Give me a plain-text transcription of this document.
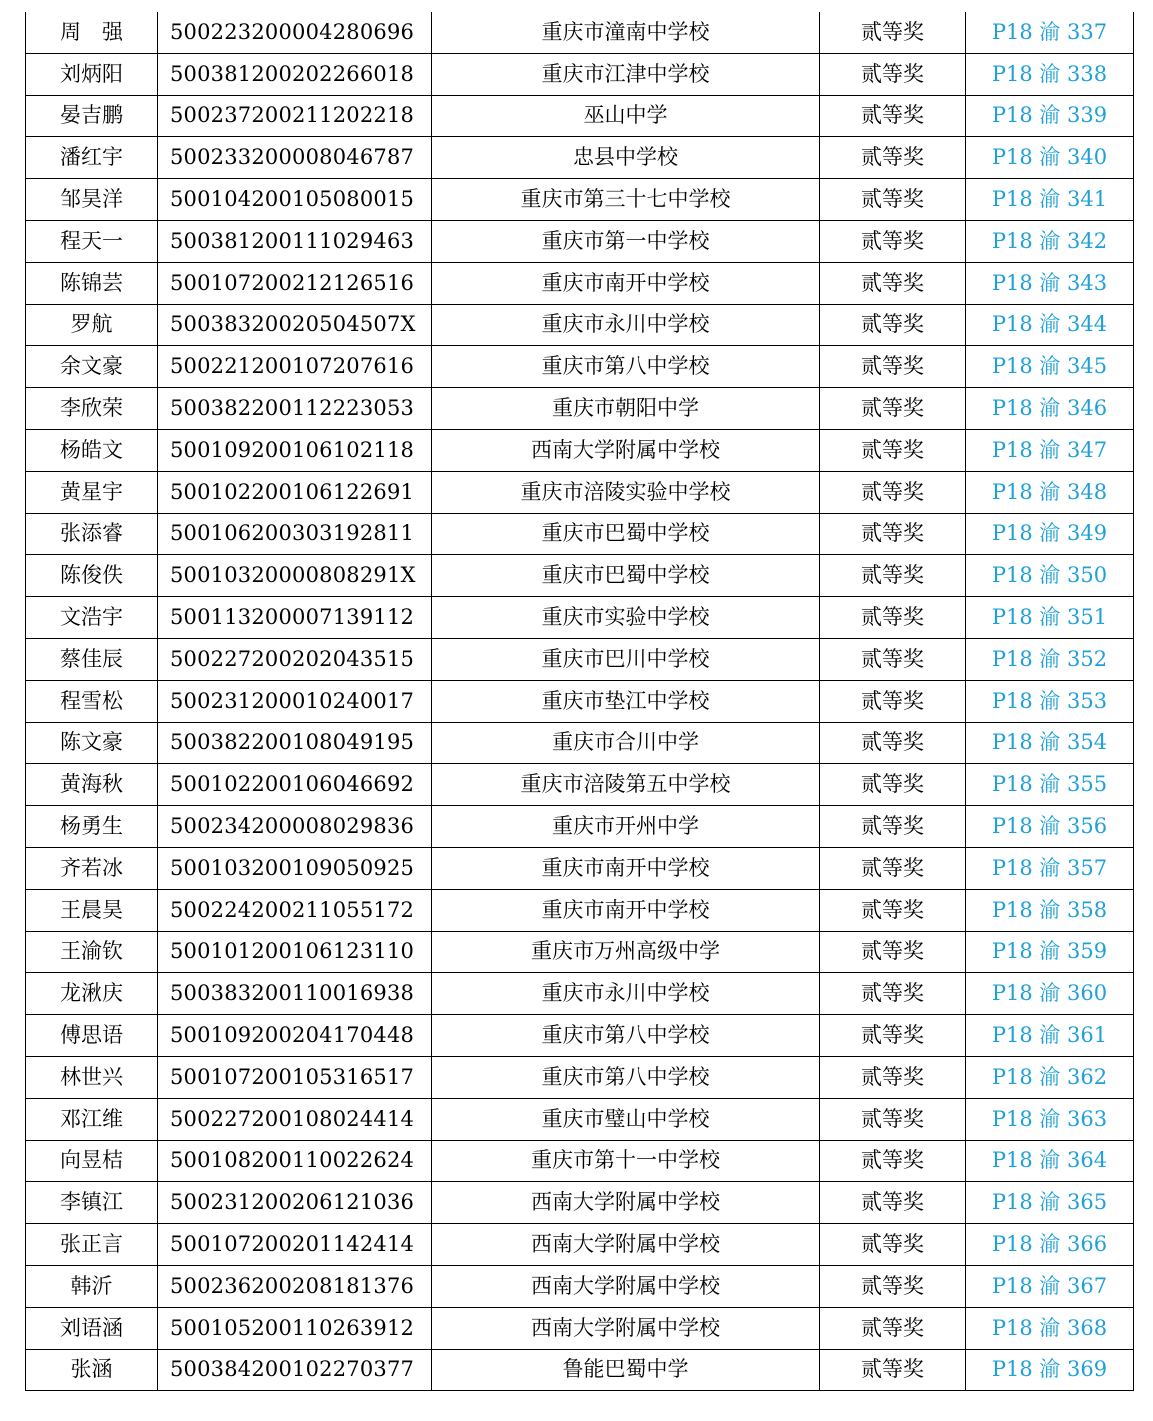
周　强	500223200004280696	重庆市潼南中学校	贰等奖	P18 渝 337
刘炳阳	500381200202266018	重庆市江津中学校	贰等奖	P18 渝 338
晏吉鹏	500237200211202218	巫山中学	贰等奖	P18 渝 339
潘红宇	500233200008046787	忠县中学校	贰等奖	P18 渝 340
邹昊洋	500104200105080015	重庆市第三十七中学校	贰等奖	P18 渝 341
程天一	500381200111029463	重庆市第一中学校	贰等奖	P18 渝 342
陈锦芸	500107200212126516	重庆市南开中学校	贰等奖	P18 渝 343
罗航	50038320020504507X	重庆市永川中学校	贰等奖	P18 渝 344
余文豪	500221200107207616	重庆市第八中学校	贰等奖	P18 渝 345
李欣荣	500382200112223053	重庆市朝阳中学	贰等奖	P18 渝 346
杨皓文	500109200106102118	西南大学附属中学校	贰等奖	P18 渝 347
黄星宇	500102200106122691	重庆市涪陵实验中学校	贰等奖	P18 渝 348
张添睿	500106200303192811	重庆市巴蜀中学校	贰等奖	P18 渝 349
陈俊佚	50010320000808291X	重庆市巴蜀中学校	贰等奖	P18 渝 350
文浩宇	500113200007139112	重庆市实验中学校	贰等奖	P18 渝 351
蔡佳辰	500227200202043515	重庆市巴川中学校	贰等奖	P18 渝 352
程雪松	500231200010240017	重庆市垫江中学校	贰等奖	P18 渝 353
陈文豪	500382200108049195	重庆市合川中学	贰等奖	P18 渝 354
黄海秋	500102200106046692	重庆市涪陵第五中学校	贰等奖	P18 渝 355
杨勇生	500234200008029836	重庆市开州中学	贰等奖	P18 渝 356
齐若冰	500103200109050925	重庆市南开中学校	贰等奖	P18 渝 357
王晨昊	500224200211055172	重庆市南开中学校	贰等奖	P18 渝 358
王渝钦	500101200106123110	重庆市万州高级中学	贰等奖	P18 渝 359
龙湫庆	500383200110016938	重庆市永川中学校	贰等奖	P18 渝 360
傅思语	500109200204170448	重庆市第八中学校	贰等奖	P18 渝 361
林世兴	500107200105316517	重庆市第八中学校	贰等奖	P18 渝 362
邓江维	500227200108024414	重庆市璧山中学校	贰等奖	P18 渝 363
向昱桔	500108200110022624	重庆市第十一中学校	贰等奖	P18 渝 364
李镇江	500231200206121036	西南大学附属中学校	贰等奖	P18 渝 365
张正言	500107200201142414	西南大学附属中学校	贰等奖	P18 渝 366
韩沂	500236200208181376	西南大学附属中学校	贰等奖	P18 渝 367
刘语涵	500105200110263912	西南大学附属中学校	贰等奖	P18 渝 368
张涵	500384200102270377	鲁能巴蜀中学	贰等奖	P18 渝 369
